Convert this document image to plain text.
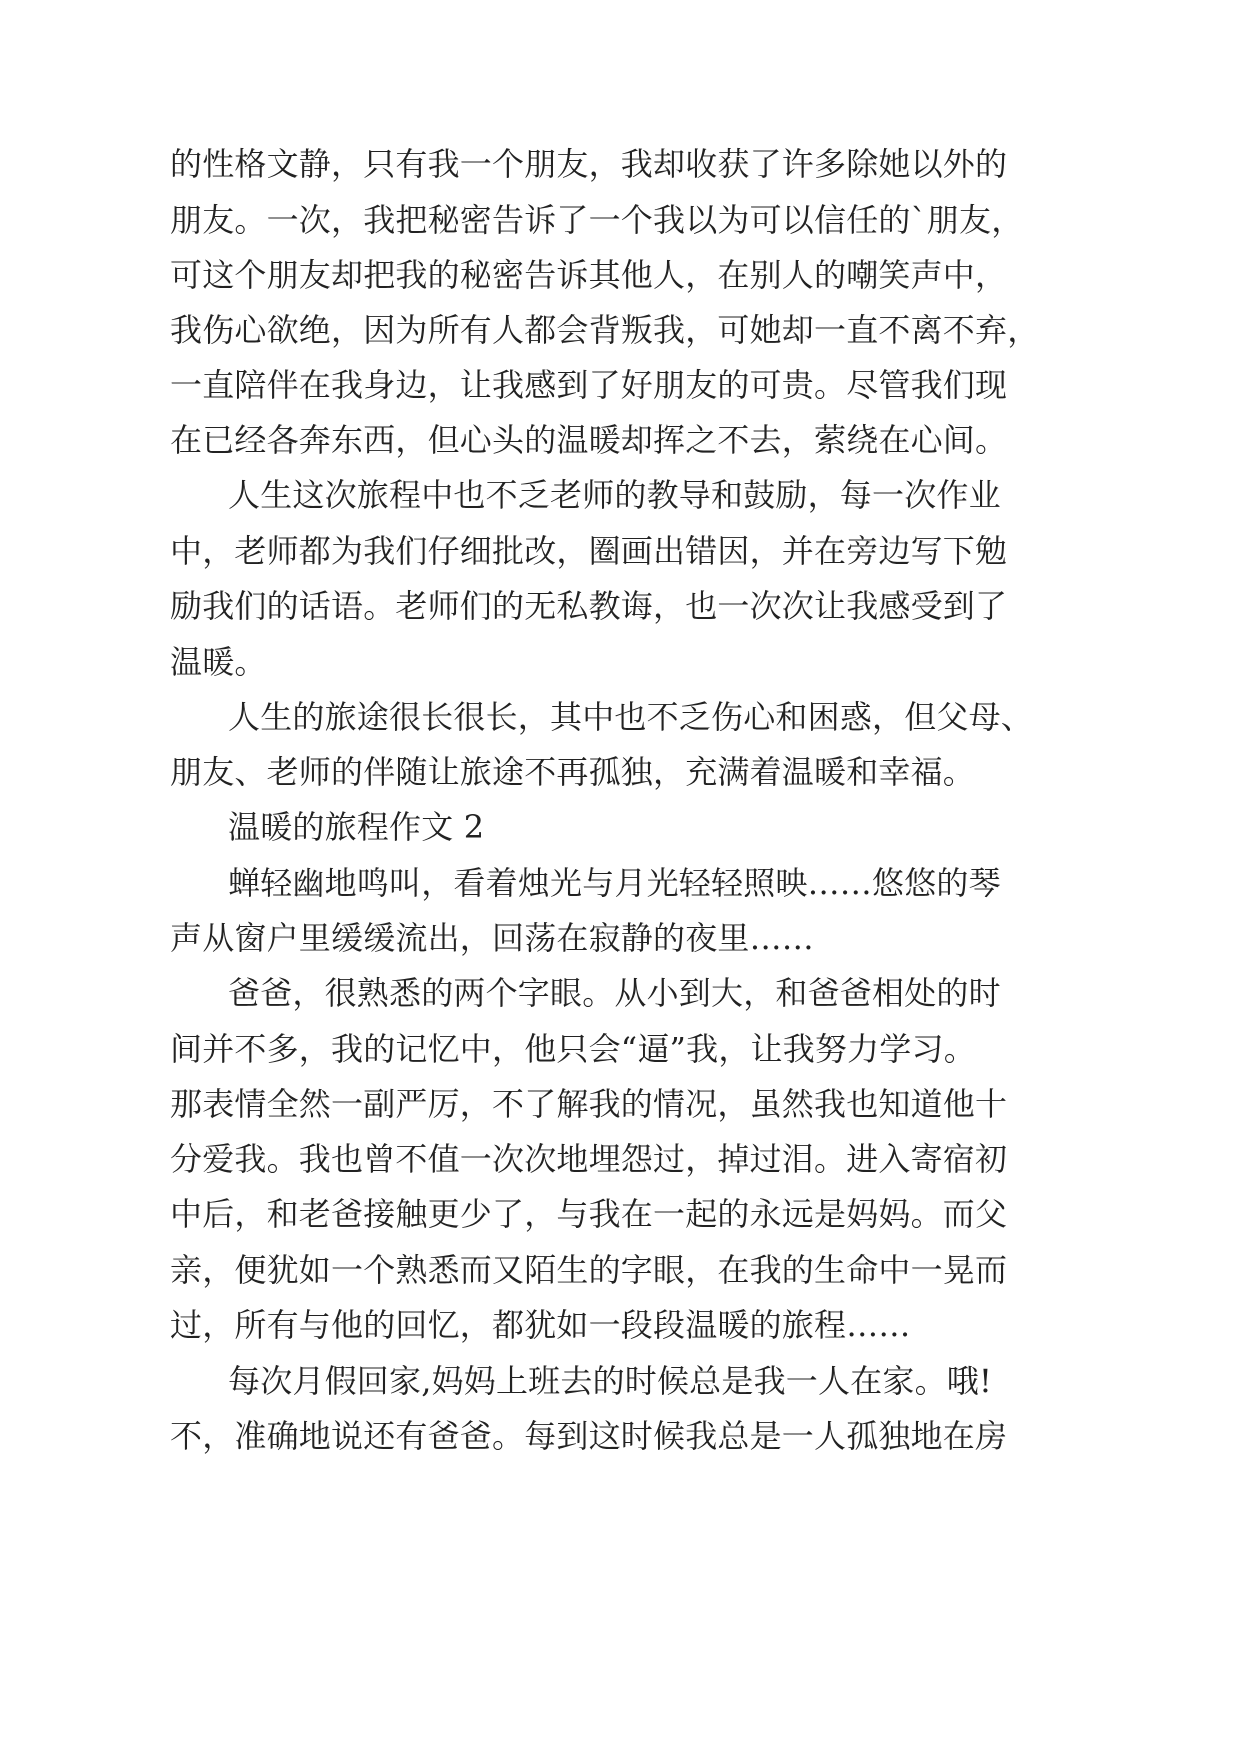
的性格文静，只有我一个朋友，我却收获了许多除她以外的
朋友。一次，我把秘密告诉了一个我以为可以信任的`朋友，
可这个朋友却把我的秘密告诉其他人，在别人的嘲笑声中，
我伤心欲绝，因为所有人都会背叛我，可她却一直不离不弃，
一直陪伴在我身边，让我感到了好朋友的可贵。尽管我们现
在已经各奔东西，但心头的温暖却挥之不去，萦绕在心间。
人生这次旅程中也不乏老师的教导和鼓励，每一次作业
中，老师都为我们仔细批改，圈画出错因，并在旁边写下勉
励我们的话语。老师们的无私教诲，也一次次让我感受到了
温暖。
人生的旅途很长很长，其中也不乏伤心和困惑，但父母、
朋友、老师的伴随让旅途不再孤独，充满着温暖和幸福。
温暖的旅程作文 2
蝉轻幽地鸣叫，看着烛光与月光轻轻照映……悠悠的琴
声从窗户里缓缓流出，回荡在寂静的夜里……
爸爸，很熟悉的两个字眼。从小到大，和爸爸相处的时
间并不多，我的记忆中，他只会“逼”我，让我努力学习。
那表情全然一副严厉，不了解我的情况，虽然我也知道他十
分爱我。我也曾不值一次次地埋怨过，掉过泪。进入寄宿初
中后，和老爸接触更少了，与我在一起的永远是妈妈。而父
亲，便犹如一个熟悉而又陌生的字眼，在我的生命中一晃而
过，所有与他的回忆，都犹如一段段温暖的旅程……
每次月假回家,妈妈上班去的时候总是我一人在家。哦!
不，准确地说还有爸爸。每到这时候我总是一人孤独地在房
